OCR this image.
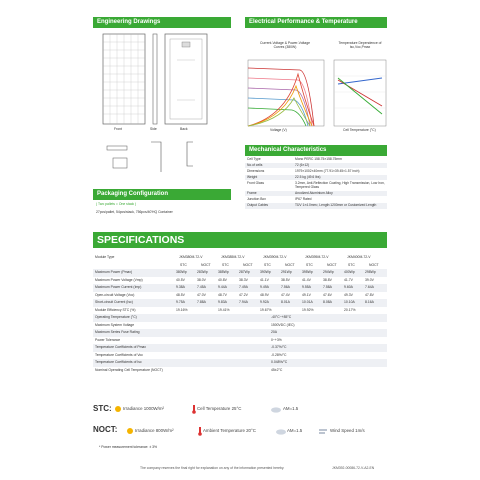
Engineering Drawings
Front	Side	Back
Packaging Configuration
( Two pallets = One stack )
27pcs/pallet, 54pcs/stack, 756pcs/40'HQ Container
Electrical Performance & Temperature Dependence
Current-Voltage & Power-Voltage Curves (380W)
Voltage (V)
Temperature Dependence of Isc,Voc,Pmax
Cell Temperature (°C)
Mechanical Characteristics
Cell Type	Mono PERC 158.75×158.75mm
No.of cells	72 (6×12)
Dimensions	1979×1002×40mm (77.91×39.45×1.57 inch)
Weight	22.5 kg (49.6 lbs)
Front Glass	3.2mm, Anti-Reflection Coating, High Transmission, Low Iron, Tempered Glass
Frame	Anodized Aluminium Alloy
Junction Box	IP67 Rated
Output Cables	TÜV 1×4.0mm², Length:1200mm or Customized Length
SPECIFICATIONS
Module Type	JKM380M-72-V	JKM385M-72-V	JKM390M-72-V	JKM395M-72-V	JKM400M-72-V
STC	NOCT	STC	NOCT	STC	NOCT	STC	NOCT	STC	NOCT
Maximum Power (Pmax)	380Wp	283Wp	385Wp	287Wp	390Wp	291Wp	395Wp	294Wp	400Wp	298Wp
Maximum Power Voltage (Vmp)	40.5V	38.0V	40.8V	38.3V	41.1V	38.5V	41.4V	38.8V	41.7V	39.0V
Maximum Power Current (Imp)	9.38A	7.45A	9.44A	7.49A	9.49A	7.56A	9.55A	7.58A	9.60A	7.64A
Open-circuit Voltage (Voc)	48.5V	47.0V	48.7V	47.2V	48.9V	47.4V	49.1V	47.6V	49.3V	47.8V
Short-circuit Current (Isc)	9.75A	7.88A	9.83A	7.94A	9.92A	8.01A	10.01A	8.08A	10.10A	8.16A
Module Efficiency STC (%)	19.16%	19.41%	19.67%	19.92%	20.17%
Operating Temperature (°C)	-40°C~+85°C
Maximum System Voltage	1500VDC (IEC)
Maximum Series Fuse Rating	20A
Power Tolerance	0~+3%
Temperature Coefficients of Pmax	-0.37%/°C
Temperature Coefficients of Voc	-0.28%/°C
Temperature Coefficients of Isc	0.048%/°C
Nominal Operating Cell Temperature (NOCT)	45±2°C
STC:	Irradiance 1000W/m²	Cell Temperature 25°C	AM=1.5
NOCT:	Irradiance 800W/m²	Ambient Temperature 20°C	AM=1.5	Wind Speed 1m/s
* Power measurement tolerance: ± 3%
The company reserves the final right for explanation on any of the information presented hereby.	JKM392-00086-72-V-A2-EN
